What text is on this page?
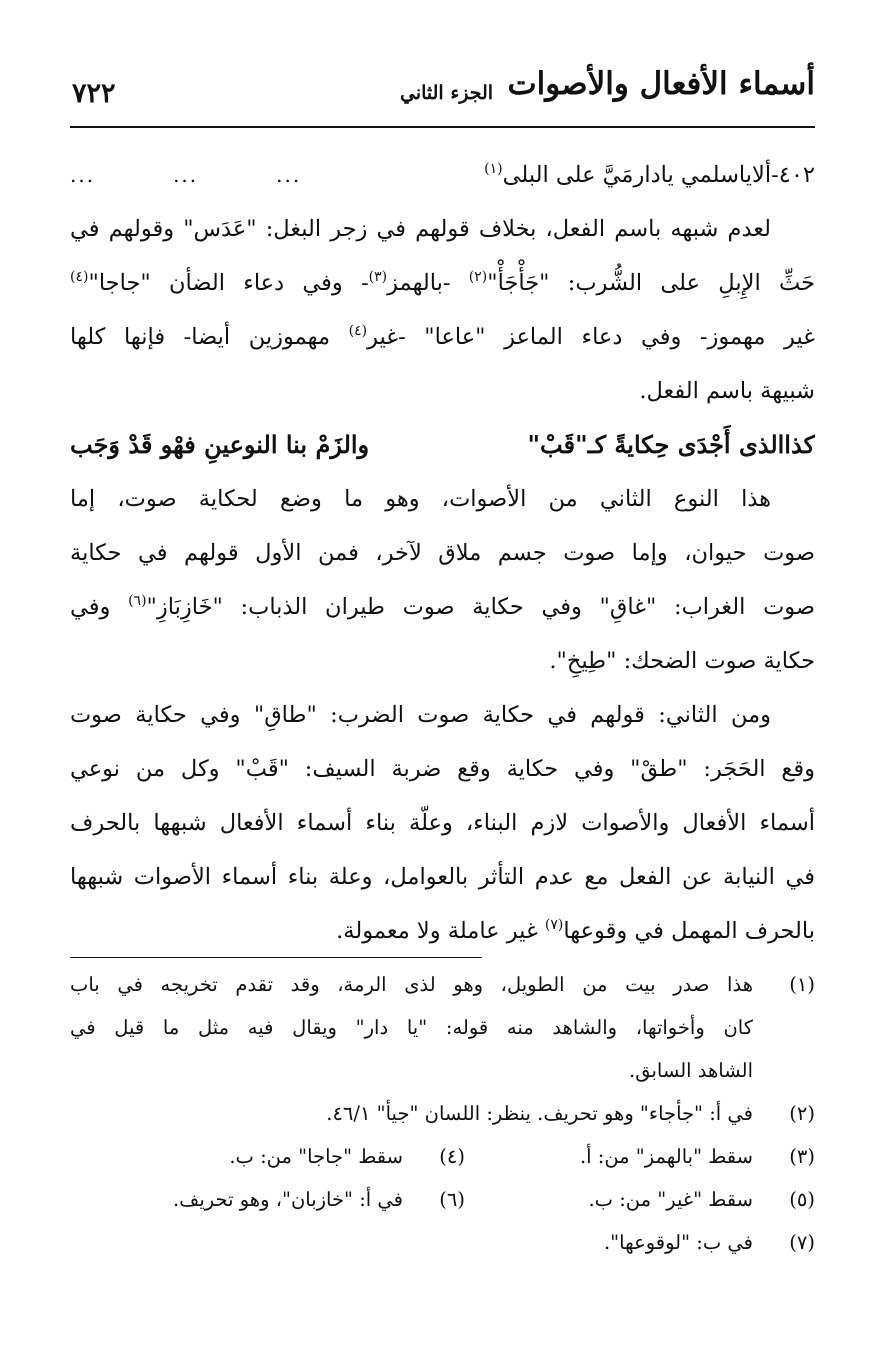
أسماء الأفعال والأصوات
الجزء الثاني
٧٢٢
٤٠٢-ألاياسلمي يادارمَيَّ على البلى$^{(١)}$
...	...	...
لعدم شبهه باسم الفعل، بخلاف قولهم في زجر البغل: "عَدَس" وقولهم في
حَثِّ الإِبلِ على الشُّرب: "جَأْجَأْ"$^{(٢)}$ -بالهمز$^{(٣)}$- وفي دعاء الضأن "جاجا"$^{(٤)}$
غير مهموز- وفي دعاء الماعز "عاعا" -غير$^{(٤)}$ مهموزين أيضا- فإنها كلها
شبيهة باسم الفعل.
كذاالذى أَجْدَى حِكايةً كـ"قَبْ"
والزَمْ بنا النوعينِ فهْو قَدْ وَجَب
هذا النوع الثاني من الأصوات، وهو ما وضع لحكاية صوت، إما
صوت حيوان، وإما صوت جسم ملاق لآخر، فمن الأول قولهم في حكاية
صوت الغراب: "غاقِ" وفي حكاية صوت طيران الذباب: "خَازِبَازِ"$^{(٦)}$ وفي
حكاية صوت الضحك: "طِيخِ".
ومن الثاني: قولهم في حكاية صوت الضرب: "طاقِ" وفي حكاية صوت
وقع الحَجَر: "طقْ" وفي حكاية وقع ضربة السيف: "قَبْ" وكل من نوعي
أسماء الأفعال والأصوات لازم البناء، وعلّة بناء أسماء الأفعال شبهها بالحرف
في النيابة عن الفعل مع عدم التأثر بالعوامل، وعلة بناء أسماء الأصوات شبهها
بالحرف المهمل في وقوعها$^{(٧)}$ غير عاملة ولا معمولة.
(١)
هذا صدر بيت من الطويل، وهو لذى الرمة، وقد تقدم تخريجه في باب
كان وأخواتها، والشاهد منه قوله: "يا دار" ويقال فيه مثل ما قيل في
الشاهد السابق.
(٢)
في أ: "جأجاء" وهو تحريف. ينظر: اللسان "جيأ" ٤٦/١.
(٣)سقط "بالهمز" من: أ.
(٤)سقط "جاجا" من: ب.
(٥)سقط "غير" من: ب.
(٦)في أ: "خازبان"، وهو تحريف.
(٧)
في ب: "لوقوعها".
